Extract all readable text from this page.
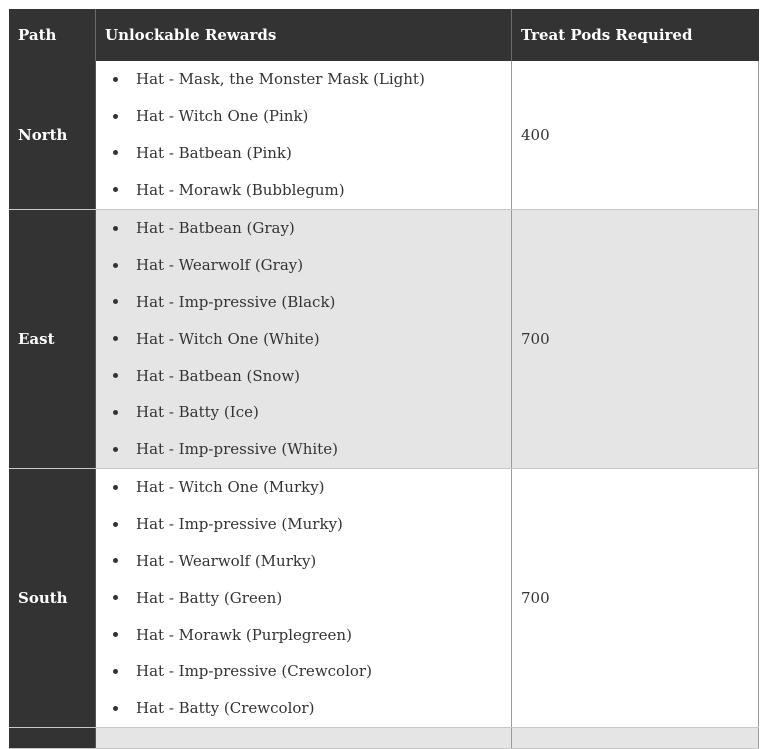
Path	Unlockable Rewards	Treat Pods Required
North
Hat - Mask, the Monster Mask (Light)
Hat - Witch One (Pink)
Hat - Batbean (Pink)
Hat - Morawk (Bubblegum)
400
East
Hat - Batbean (Gray)
Hat - Wearwolf (Gray)
Hat - Imp-pressive (Black)
Hat - Witch One (White)
Hat - Batbean (Snow)
Hat - Batty (Ice)
Hat - Imp-pressive (White)
700
South
Hat - Witch One (Murky)
Hat - Imp-pressive (Murky)
Hat - Wearwolf (Murky)
Hat - Batty (Green)
Hat - Morawk (Purplegreen)
Hat - Imp-pressive (Crewcolor)
Hat - Batty (Crewcolor)
700
